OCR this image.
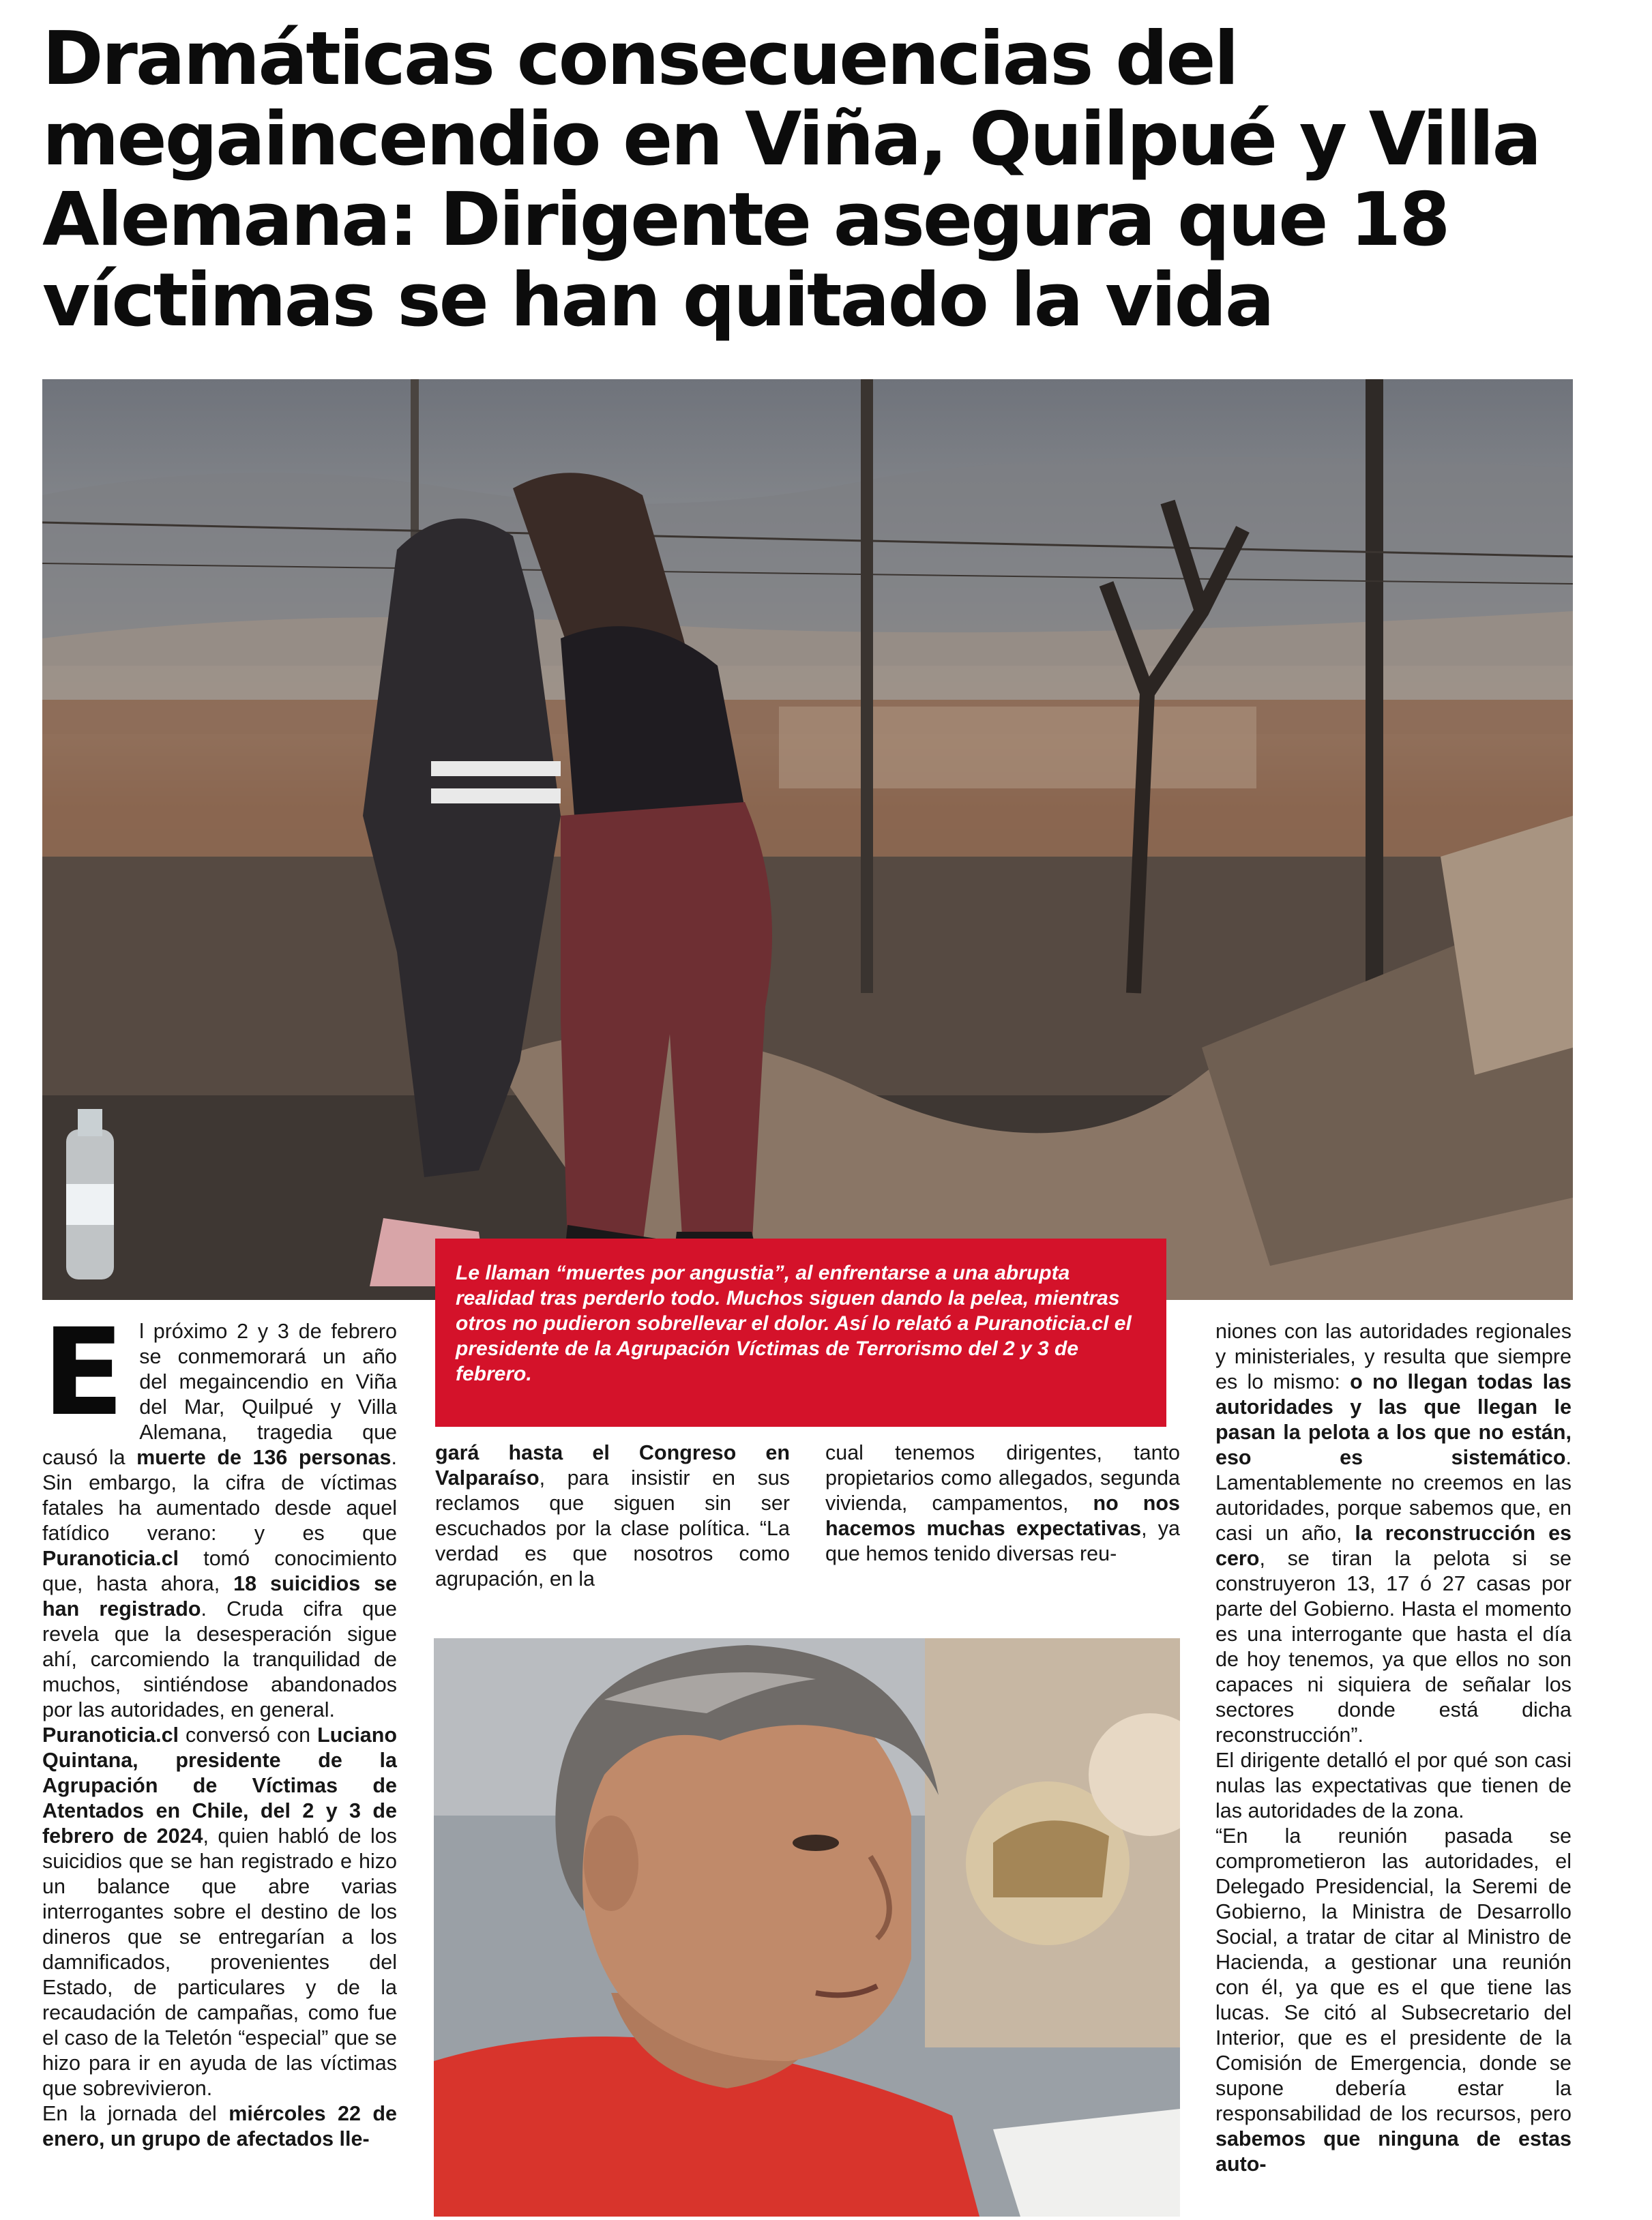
Dramáticas consecuencias del
megaincendio en Viña, Quilpué y Villa
Alemana: Dirigente asegura que 18
víctimas se han quitado la vida
Le llaman “muertes por angustia”, al enfrentarse a una abrupta realidad tras perderlo todo. Muchos siguen dando la pelea, mientras otros no pudieron sobrellevar el dolor. Así lo relató a Puranoticia.cl el presidente de la Agrupación Víctimas de Terrorismo del 2 y 3 de febrero.
E l próximo 2 y 3 de febrero se conmemorará un año del megaincendio en Viña del Mar, Quilpué y Villa Alemana, tragedia que causó la muerte de 136 personas. Sin embargo, la cifra de víctimas fatales ha aumentado desde aquel fatídico verano: y es que Puranoticia.cl tomó conocimiento que, hasta ahora, 18 suicidios se han registrado. Cruda cifra que revela que la desesperación sigue ahí, carcomiendo la tranquilidad de muchos, sintiéndose abandonados por las autoridades, en general.

Puranoticia.cl conversó con Luciano Quintana, presidente de la Agrupación de Víctimas de Atentados en Chile, del 2 y 3 de febrero de 2024, quien habló de los suicidios que se han registrado e hizo un balance que abre varias interrogantes sobre el destino de los dineros que se entregarían a los damnificados, provenientes del Estado, de particulares y de la recaudación de campañas, como fue el caso de la Teletón “especial” que se hizo para ir en ayuda de las víctimas que sobrevivieron.

En la jornada del miércoles 22 de enero, un grupo de afectados lle-

gará hasta el Congreso en Valparaíso, para insistir en sus reclamos que siguen sin ser escuchados por la clase política. “La verdad es que nosotros como agrupación, en la

cual tenemos dirigentes, tanto propietarios como allegados, segunda vivienda, campamentos, no nos hacemos muchas expectativas, ya que hemos tenido diversas reu-

niones con las autoridades regionales y ministeriales, y resulta que siempre es lo mismo: o no llegan todas las autoridades y las que llegan le pasan la pelota a los que no están, eso es sistemático. Lamentablemente no creemos en las autoridades, porque sabemos que, en casi un año, la reconstrucción es cero, se tiran la pelota si se construyeron 13, 17 ó 27 casas por parte del Gobierno. Hasta el momento es una interrogante que hasta el día de hoy tenemos, ya que ellos no son capaces ni siquiera de señalar los sectores donde está dicha reconstrucción”.

El dirigente detalló el por qué son casi nulas las expectativas que tienen de las autoridades de la zona.

“En la reunión pasada se comprometieron las autoridades, el Delegado Presidencial, la Seremi de Gobierno, la Ministra de Desarrollo Social, a tratar de citar al Ministro de Hacienda, a gestionar una reunión con él, ya que es el que tiene las lucas. Se citó al Subsecretario del Interior, que es el presidente de la Comisión de Emergencia, donde se supone debería estar la responsabilidad de los recursos, pero sabemos que ninguna de estas auto-
